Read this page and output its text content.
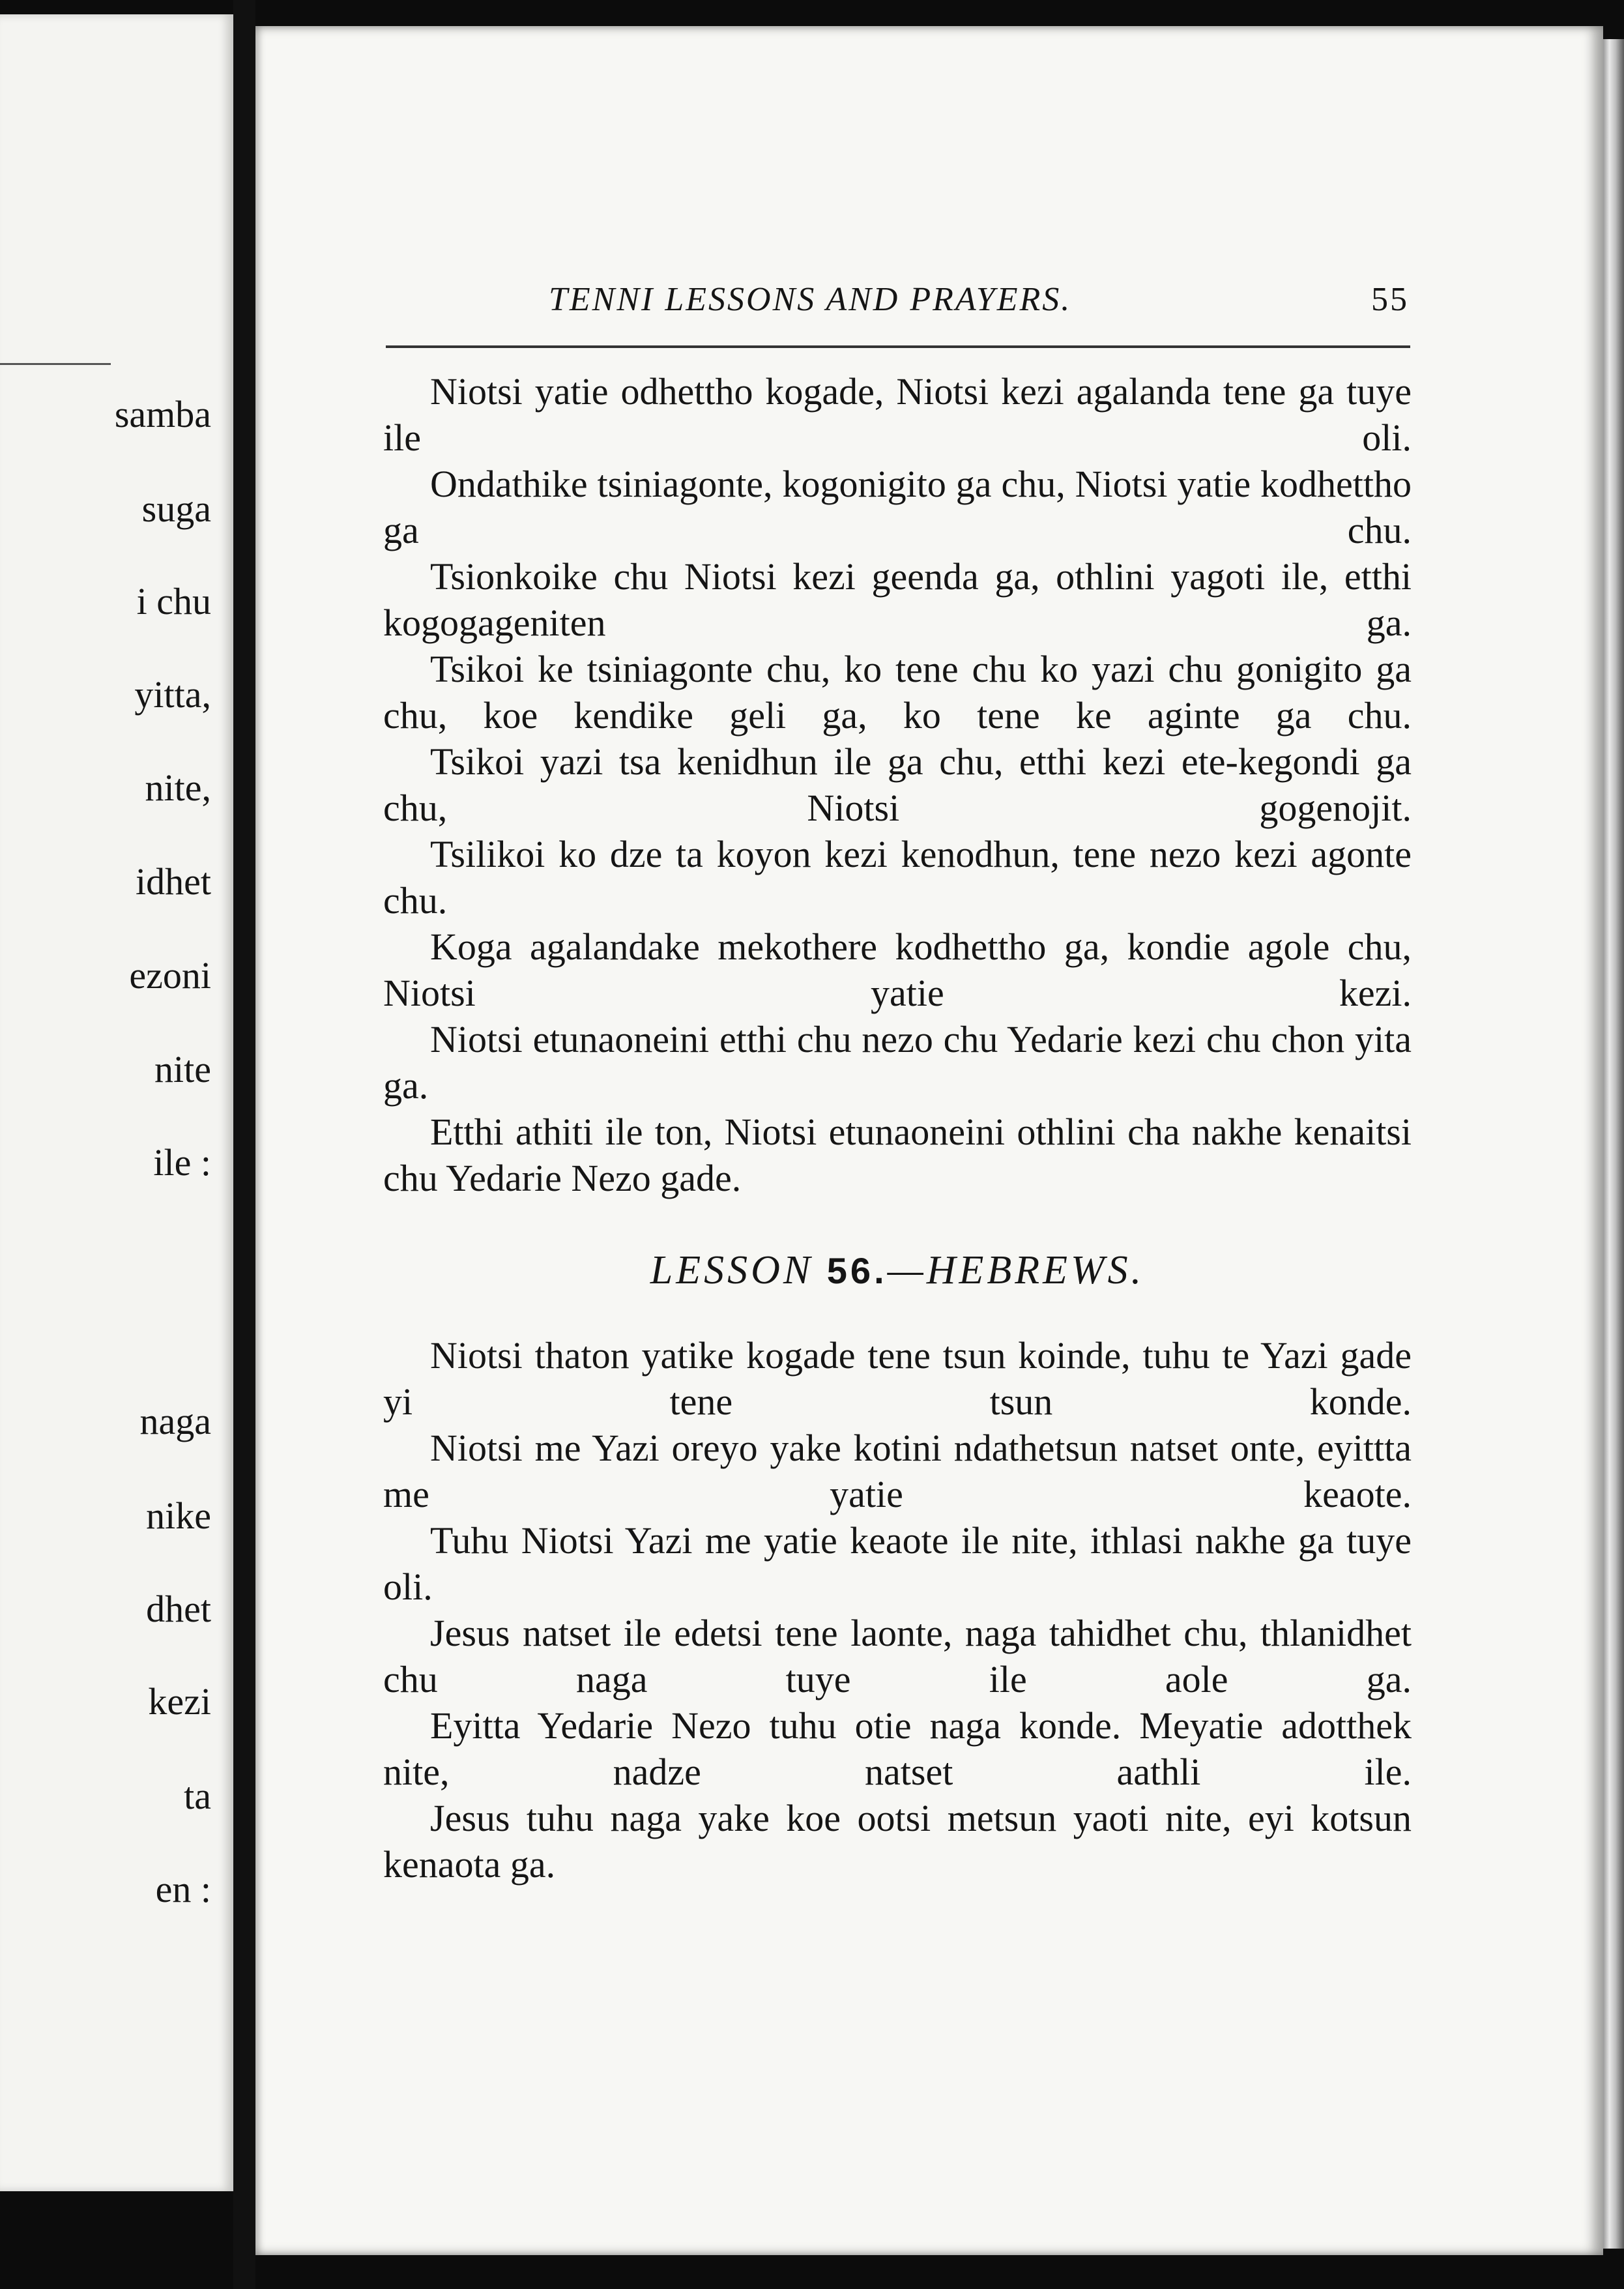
samba
suga
i chu
yitta,
nite,
idhet
ezoni
nite
ile :
naga
nike
dhet
kezi
ta
en :
TENNI LESSONS AND PRAYERS.	55

Niotsi yatie odhettho kogade, Niotsi kezi agalanda tene ga tuye ile oli.

Ondathike tsiniagonte, kogonigito ga chu, Niotsi yatie kodhettho ga chu.

Tsionkoike chu Niotsi kezi geenda ga, othlini yagoti ile, etthi kogogageniten ga.

Tsikoi ke tsiniagonte chu, ko tene chu ko yazi chu gonigito ga chu, koe kendike geli ga, ko tene ke aginte ga chu.

Tsikoi yazi tsa kenidhun ile ga chu, etthi kezi ete-kegondi ga chu, Niotsi gogenojit.

Tsilikoi ko dze ta koyon kezi kenodhun, tene nezo kezi agonte chu.

Koga agalandake mekothere kodhettho ga, kondie agole chu, Niotsi yatie kezi.

Niotsi etunaoneini etthi chu nezo chu Yedarie kezi chu chon yita ga.

Etthi athiti ile ton, Niotsi etunaoneini othlini cha nakhe kenaitsi chu Yedarie Nezo gade.

LESSON 56.—HEBREWS.

Niotsi thaton yatike kogade tene tsun koinde, tuhu te Yazi gade yi tene tsun konde.

Niotsi me Yazi oreyo yake kotini ndathetsun natset onte, eyittta me yatie keaote.

Tuhu Niotsi Yazi me yatie keaote ile nite, ithlasi nakhe ga tuye oli.

Jesus natset ile edetsi tene laonte, naga tahidhet chu, thlanidhet chu naga tuye ile aole ga.

Eyitta Yedarie Nezo tuhu otie naga konde. Meyatie adotthek nite, nadze natset aathli ile.

Jesus tuhu naga yake koe ootsi metsun yaoti nite, eyi kotsun kenaota ga.
